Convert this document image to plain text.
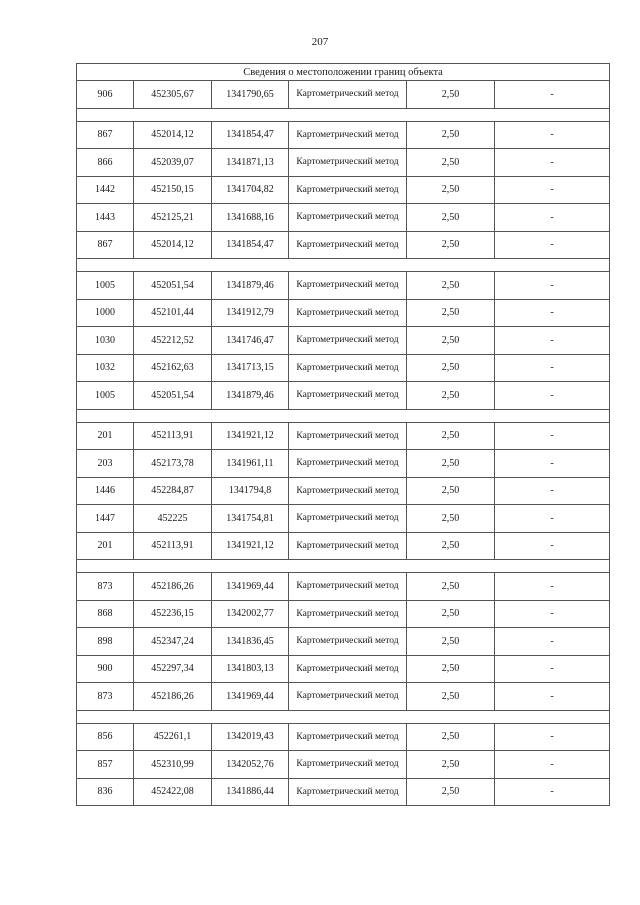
207
Сведения о местоположении границ объекта					
906	452305,67	1341790,65	Картометрический метод	2,50	-

867	452014,12	1341854,47	Картометрический метод	2,50	-
866	452039,07	1341871,13	Картометрический метод	2,50	-
1442	452150,15	1341704,82	Картометрический метод	2,50	-
1443	452125,21	1341688,16	Картометрический метод	2,50	-
867	452014,12	1341854,47	Картометрический метод	2,50	-

1005	452051,54	1341879,46	Картометрический метод	2,50	-
1000	452101,44	1341912,79	Картометрический метод	2,50	-
1030	452212,52	1341746,47	Картометрический метод	2,50	-
1032	452162,63	1341713,15	Картометрический метод	2,50	-
1005	452051,54	1341879,46	Картометрический метод	2,50	-

201	452113,91	1341921,12	Картометрический метод	2,50	-
203	452173,78	1341961,11	Картометрический метод	2,50	-
1446	452284,87	1341794,8	Картометрический метод	2,50	-
1447	452225	1341754,81	Картометрический метод	2,50	-
201	452113,91	1341921,12	Картометрический метод	2,50	-

873	452186,26	1341969,44	Картометрический метод	2,50	-
868	452236,15	1342002,77	Картометрический метод	2,50	-
898	452347,24	1341836,45	Картометрический метод	2,50	-
900	452297,34	1341803,13	Картометрический метод	2,50	-
873	452186,26	1341969,44	Картометрический метод	2,50	-

856	452261,1	1342019,43	Картометрический метод	2,50	-
857	452310,99	1342052,76	Картометрический метод	2,50	-
836	452422,08	1341886,44	Картометрический метод	2,50	-
